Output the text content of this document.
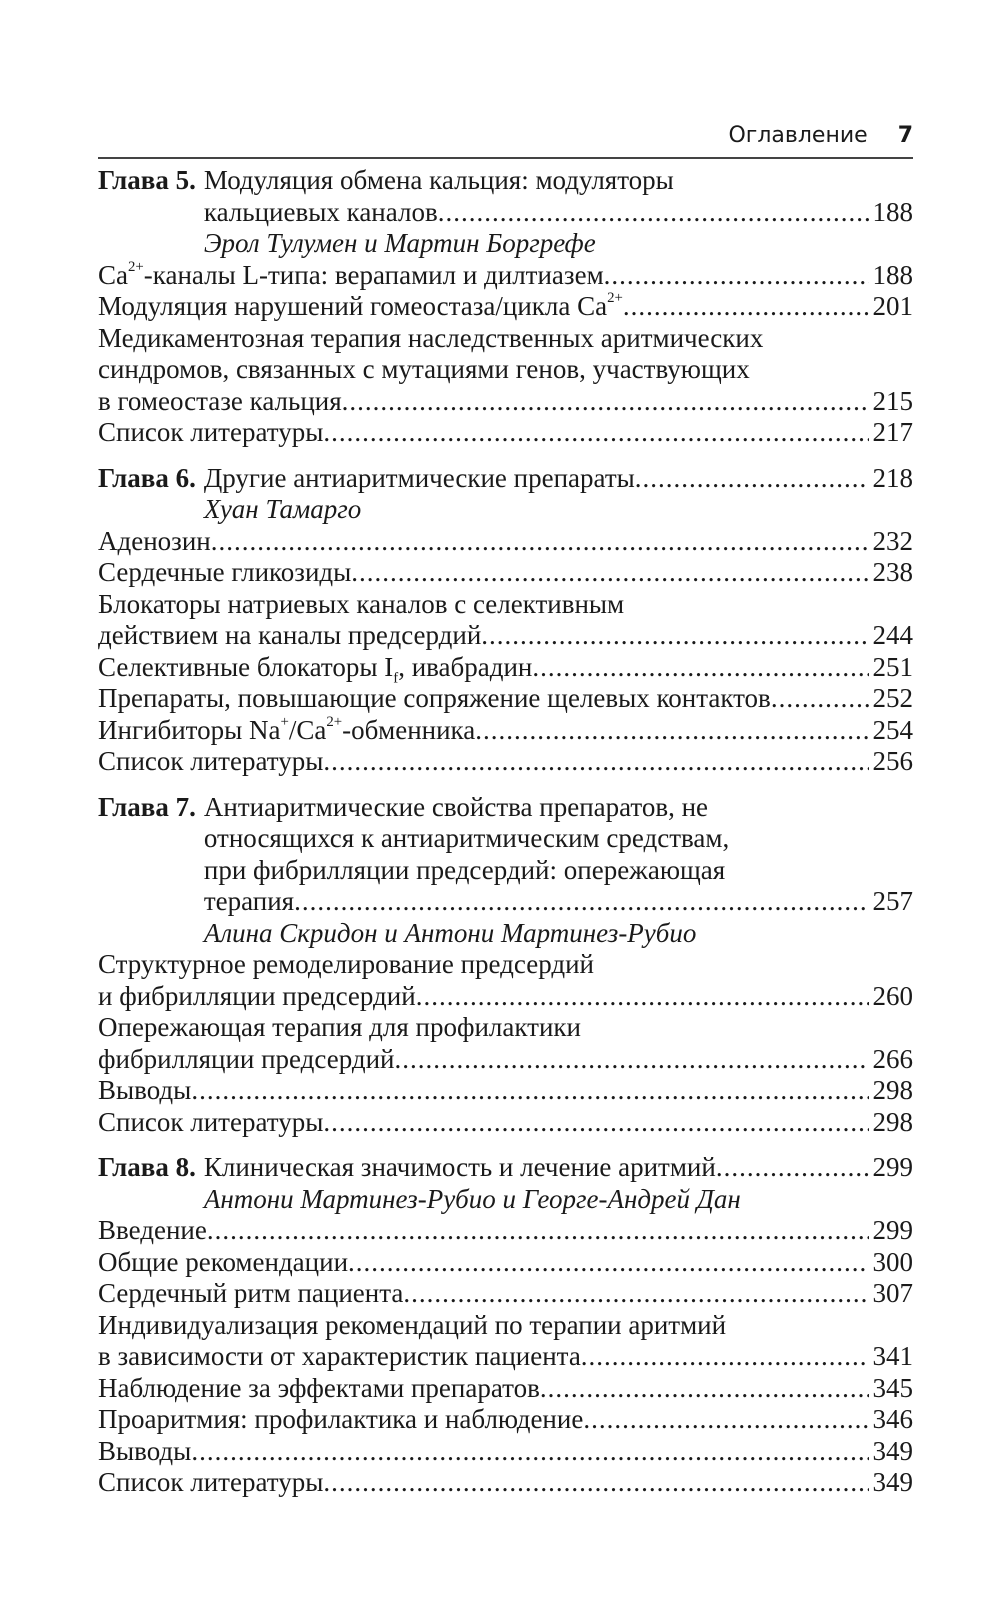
Оглавление 7
Глава 5. Модуляция обмена кальция: модуляторы
кальциевых каналов .....	188
Эрол Тулумен и Мартин Боргрефе
$Ca^{2+}$-каналы L-типа: верапамил и дилтиазем .....	188
Модуляция нарушений гомеостаза/цикла $Ca^{2+}$ .....	201
Медикаментозная терапия наследственных аритмических
синдромов, связанных с мутациями генов, участвующих
в гомеостазе кальция .....	215
Список литературы .....	217
Глава 6. Другие антиаритмические препараты .....	218
Хуан Тамарго
Аденозин .....	232
Сердечные гликозиды .....	238
Блокаторы натриевых каналов с селективным
действием на каналы предсердий .....	244
Селективные блокаторы $I_f$, ивабрадин .....	251
Препараты, повышающие сопряжение щелевых контактов .....	252
Ингибиторы $Na^+/Ca^{2+}$-обменника .....	254
Список литературы .....	256
Глава 7. Антиаритмические свойства препаратов, не
относящихся к антиаритмическим средствам,
при фибрилляции предсердий: опережающая
терапия .....	257
Алина Скридон и Антони Мартинез-Рубио
Структурное ремоделирование предсердий
и фибрилляции предсердий .....	260
Опережающая терапия для профилактики
фибрилляции предсердий .....	266
Выводы .....	298
Список литературы .....	298
Глава 8. Клиническая значимость и лечение аритмий .....	299
Антони Мартинез-Рубио и Георге-Андрей Дан
Введение .....	299
Общие рекомендации .....	300
Сердечный ритм пациента .....	307
Индивидуализация рекомендаций по терапии аритмий
в зависимости от характеристик пациента .....	341
Наблюдение за эффектами препаратов .....	345
Проаритмия: профилактика и наблюдение .....	346
Выводы .....	349
Список литературы .....	349
